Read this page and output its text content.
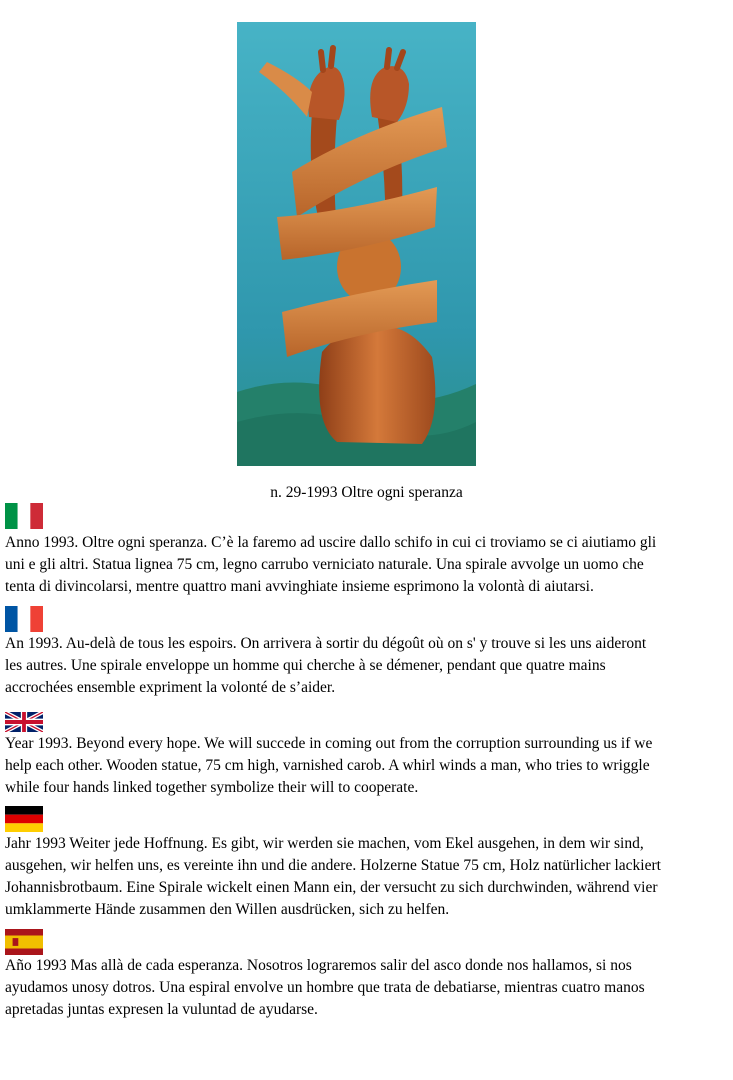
n. 29-1993 Oltre ogni speranza

Anno 1993. Oltre ogni speranza. C’è la faremo ad uscire dallo schifo in cui ci troviamo se ci aiutiamo gli
uni e gli altri. Statua lignea 75 cm, legno carrubo verniciato naturale. Una spirale avvolge un uomo che
tenta di divincolarsi, mentre quattro mani avvinghiate insieme esprimono la volontà di aiutarsi.

An 1993. Au-delà de tous les espoirs. On arrivera à sortir du dégoût où on s' y trouve si les uns aideront
les autres. Une spirale enveloppe un homme qui cherche à se démener, pendant que quatre mains
accrochées ensemble expriment la volonté de s’aider.

Year 1993. Beyond every hope. We will succede in coming out from the corruption surrounding us if we
help each other. Wooden statue, 75 cm high, varnished carob. A whirl winds a man, who tries to wriggle
while four hands linked together symbolize their will to cooperate.

Jahr 1993 Weiter jede Hoffnung. Es gibt, wir werden sie machen, vom Ekel ausgehen, in dem wir sind,
ausgehen, wir helfen uns, es vereinte ihn und die andere. Holzerne Statue 75 cm, Holz natürlicher lackiert
Johannisbrotbaum. Eine Spirale wickelt einen Mann ein, der versucht zu sich durchwinden, während vier
umklammerte Hände zusammen den Willen ausdrücken, sich zu helfen.

Año 1993 Mas allà de cada esperanza. Nosotros lograremos salir del asco donde nos hallamos, si nos
ayudamos unosy dotros. Una espiral envolve un hombre que trata de debatiarse, mientras cuatro manos
apretadas juntas expresen la vuluntad de ayudarse.
